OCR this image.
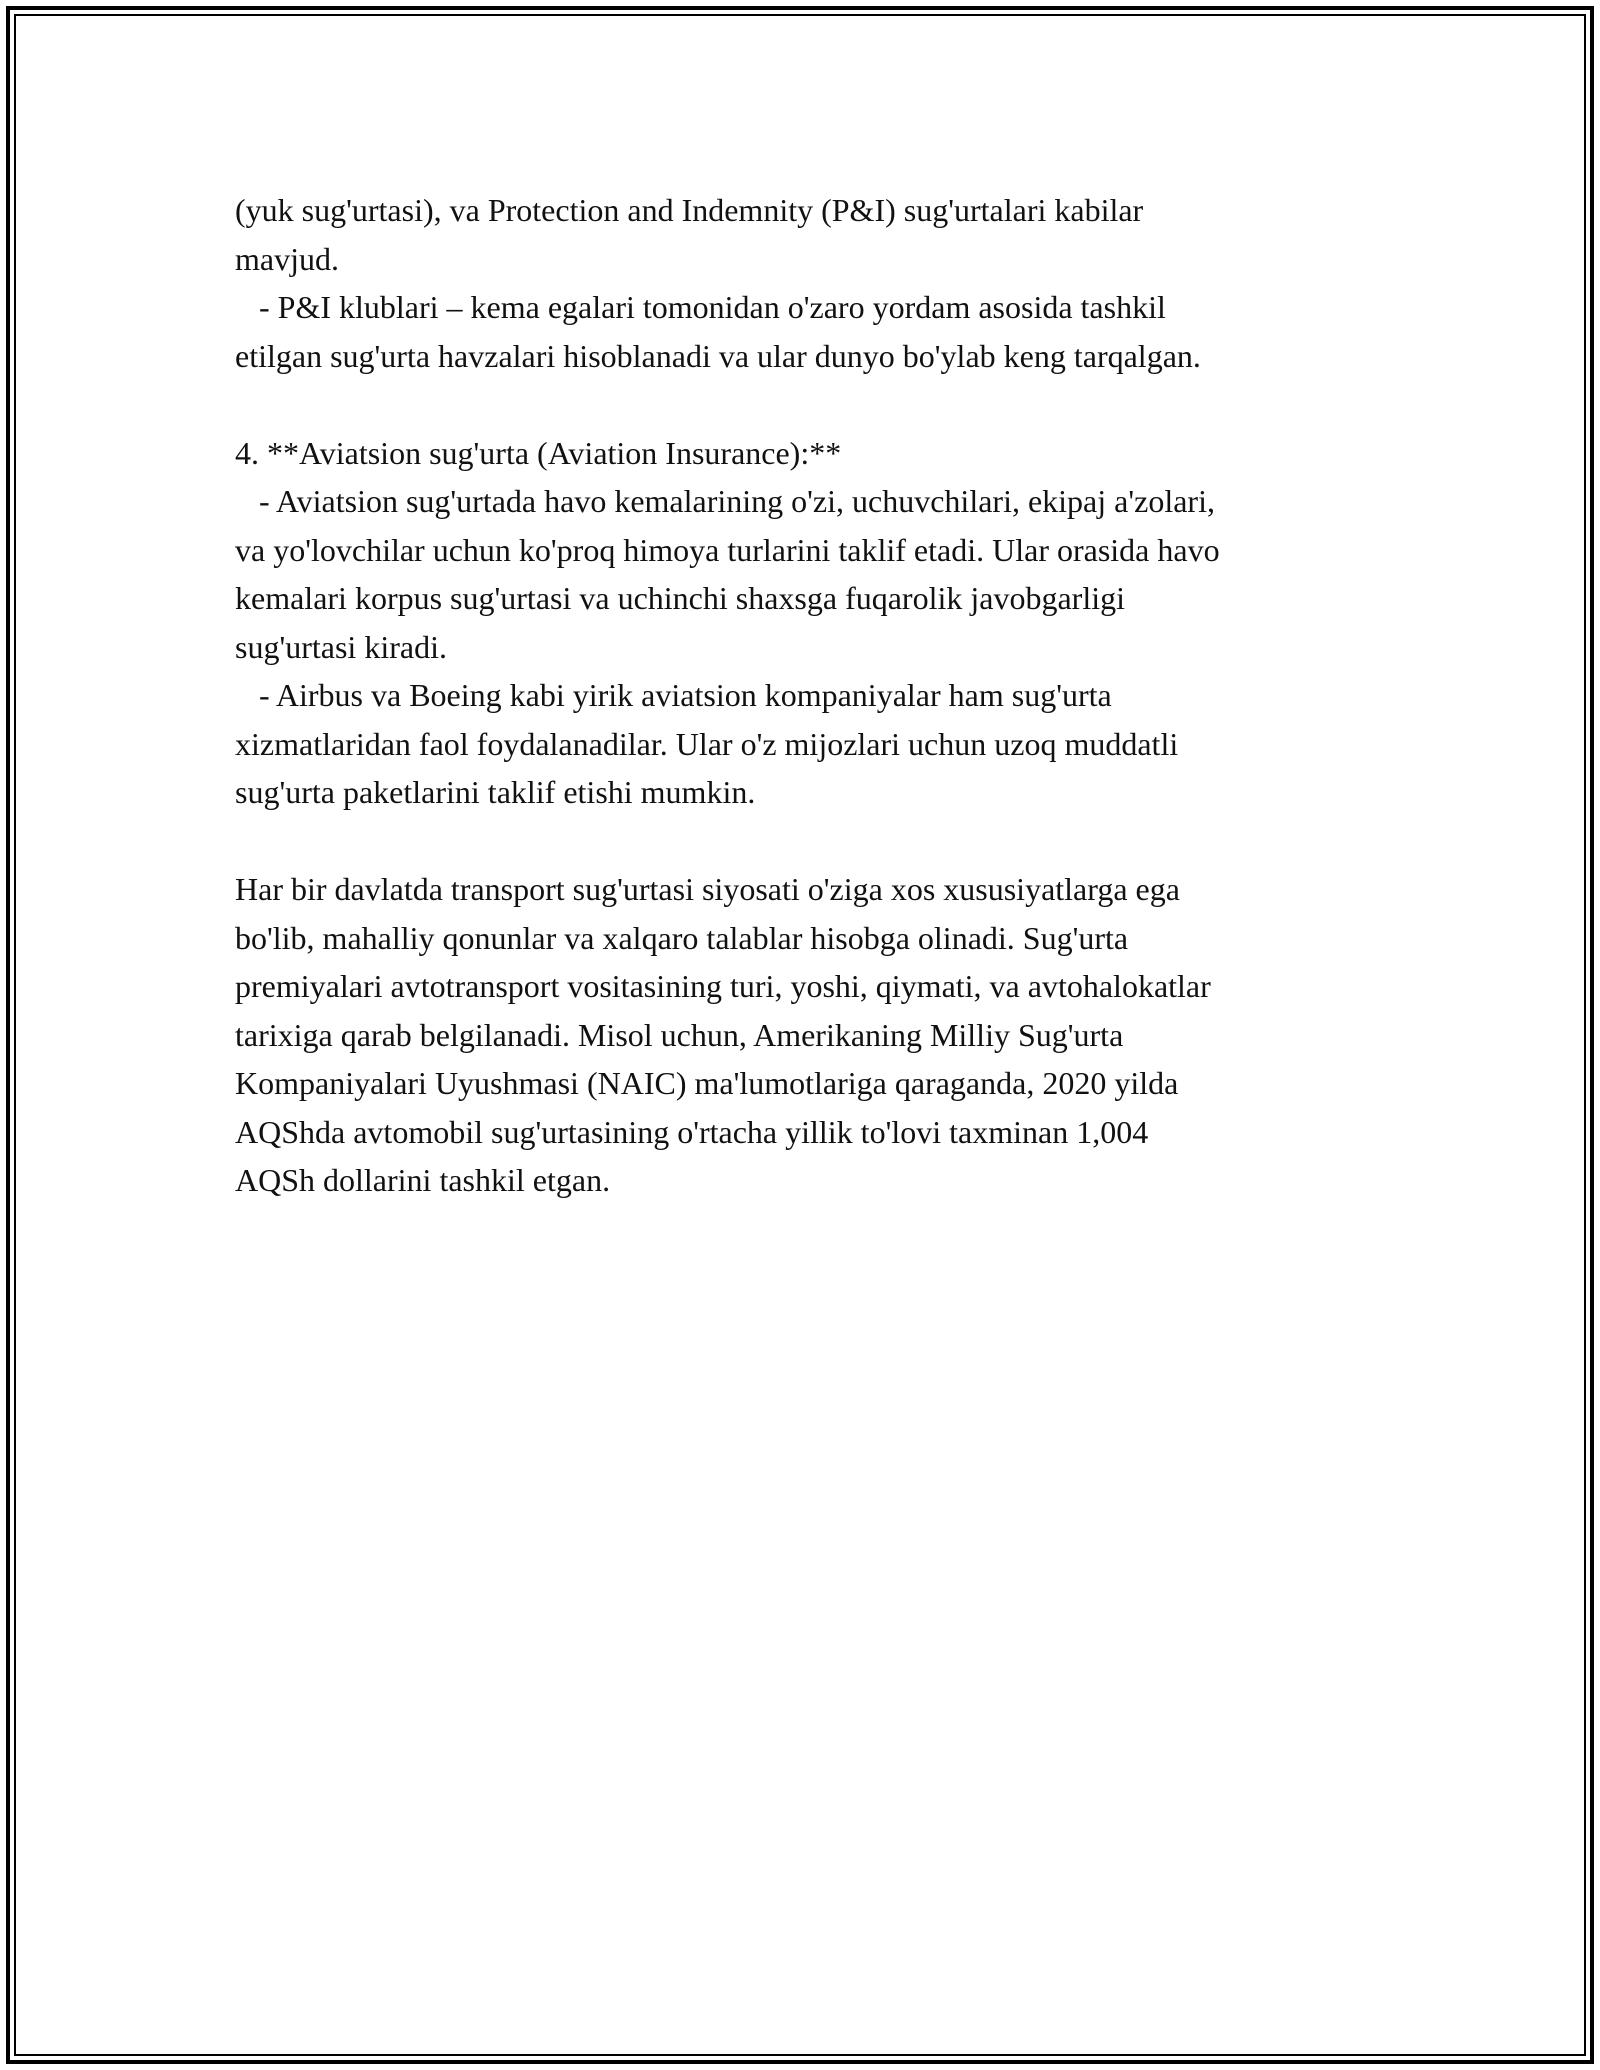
(yuk sug'urtasi), va Protection and Indemnity (P&I) sug'urtalari kabilar
mavjud.
- P&I klublari – kema egalari tomonidan o'zaro yordam asosida tashkil
etilgan sug'urta havzalari hisoblanadi va ular dunyo bo'ylab keng tarqalgan.
4. **Aviatsion sug'urta (Aviation Insurance):**
- Aviatsion sug'urtada havo kemalarining o'zi, uchuvchilari, ekipaj a'zolari,
va yo'lovchilar uchun ko'proq himoya turlarini taklif etadi. Ular orasida havo
kemalari korpus sug'urtasi va uchinchi shaxsga fuqarolik javobgarligi
sug'urtasi kiradi.
- Airbus va Boeing kabi yirik aviatsion kompaniyalar ham sug'urta
xizmatlaridan faol foydalanadilar. Ular o'z mijozlari uchun uzoq muddatli
sug'urta paketlarini taklif etishi mumkin.
Har bir davlatda transport sug'urtasi siyosati o'ziga xos xususiyatlarga ega
bo'lib, mahalliy qonunlar va xalqaro talablar hisobga olinadi. Sug'urta
premiyalari avtotransport vositasining turi, yoshi, qiymati, va avtohalokatlar
tarixiga qarab belgilanadi. Misol uchun, Amerikaning Milliy Sug'urta
Kompaniyalari Uyushmasi (NAIC) ma'lumotlariga qaraganda, 2020 yilda
AQShda avtomobil sug'urtasining o'rtacha yillik to'lovi taxminan 1,004
AQSh dollarini tashkil etgan.
